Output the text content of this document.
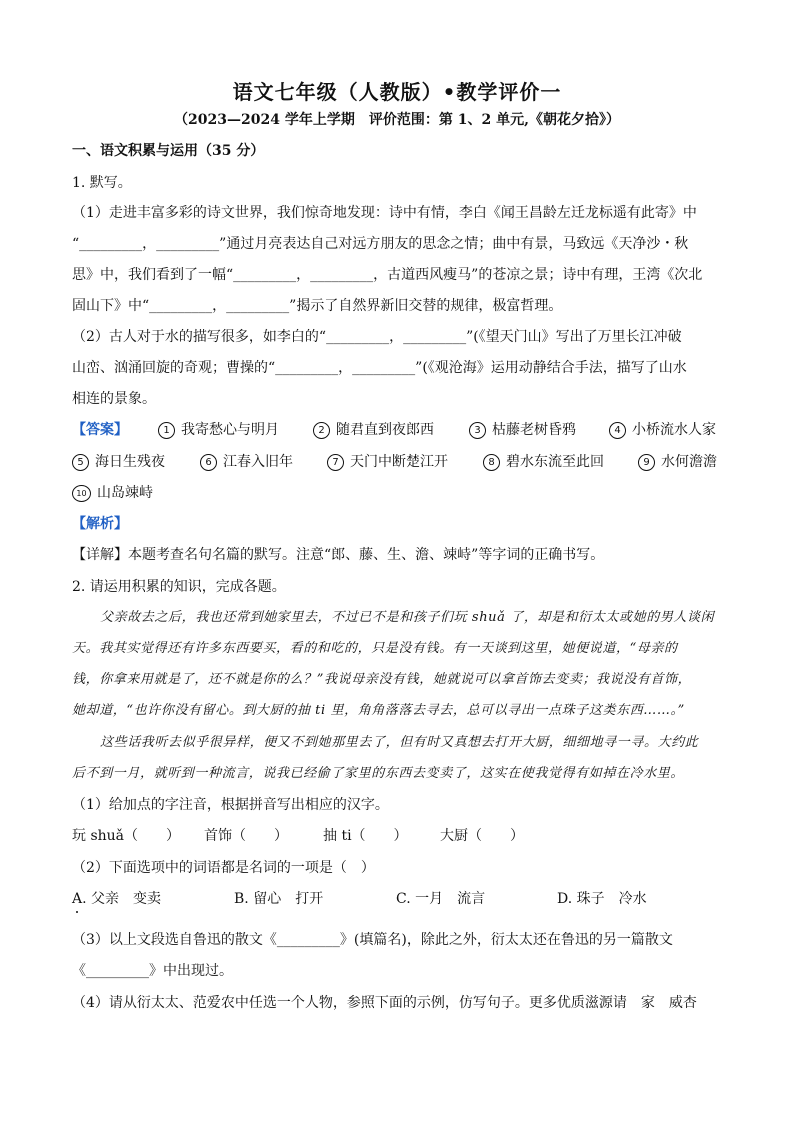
语文七年级（人教版）•教学评价一
（2023—2024 学年上学期　评价范围：第 1、2 单元,《朝花夕拾》）
一、语文积累与运用（35 分）
1. 默写。
（1）走进丰富多彩的诗文世界，我们惊奇地发现：诗中有情，李白《闻王昌龄左迁龙标遥有此寄》中
“_________，_________”通过月亮表达自己对远方朋友的思念之情；曲中有景，马致远《天净沙・秋
思》中，我们看到了一幅“_________，_________，古道西风瘦马”的苍凉之景；诗中有理，王湾《次北
固山下》中“_________，_________”揭示了自然界新旧交替的规律，极富哲理。
（2）古人对于水的描写很多，如李白的“_________，_________”(《望天门山》写出了万里长江冲破
山峦、汹涌回旋的奇观；曹操的“_________，_________”(《观沧海》运用动静结合手法，描写了山水
相连的景象。
【答案】	1 我寄愁心与明月	2 随君直到夜郎西	3 枯藤老树昏鸦	4 小桥流水人家
5 海日生残夜	6 江春入旧年	7 天门中断楚江开	8 碧水东流至此回	9 水何澹澹
10 山岛竦峙
【解析】
【详解】本题考查名句名篇的默写。注意“郎、藤、生、澹、竦峙”等字词的正确书写。
2. 请运用积累的知识，完成各题。
父亲故去之后，我也还常到她家里去，不过已不是和孩子们玩 shuǎ 了，却是和衍太太或她的男人谈闲
天。我其实觉得还有许多东西要买，看的和吃的，只是没有钱。有一天谈到这里，她便说道，“母亲的
钱，你拿来用就是了，还不就是你的么？”我说母亲没有钱，她就说可以拿首饰去变卖；我说没有首饰，
她却道，“也许你没有留心。到大厨的抽 ti 里，角角落落去寻去，总可以寻出一点珠子这类东西……。”
这些话我听去似乎很异样，便又不到她那里去了，但有时又真想去打开大厨，细细地寻一寻。大约此
后不到一月，就听到一种流言，说我已经偷了家里的东西去变卖了，这实在使我觉得有如掉在冷水里。
（1）给加点的字注音，根据拼音写出相应的汉字。
玩 shuǎ（　　） 首饰（　　）	抽 ti（　　） 大厨（　　）
（2）下面选项中的词语都是名词的一项是（　）
A. 父亲　变卖	B. 留心　打开	C. 一月　流言	D. 珠子　冷水
（3）以上文段选自鲁迅的散文《_________》(填篇名)，除此之外，衍太太还在鲁迅的另一篇散文
《_________》中出现过。
（4）请从衍太太、范爱农中任选一个人物，参照下面的示例，仿写句子。更多优质滋源请　家　威杏
